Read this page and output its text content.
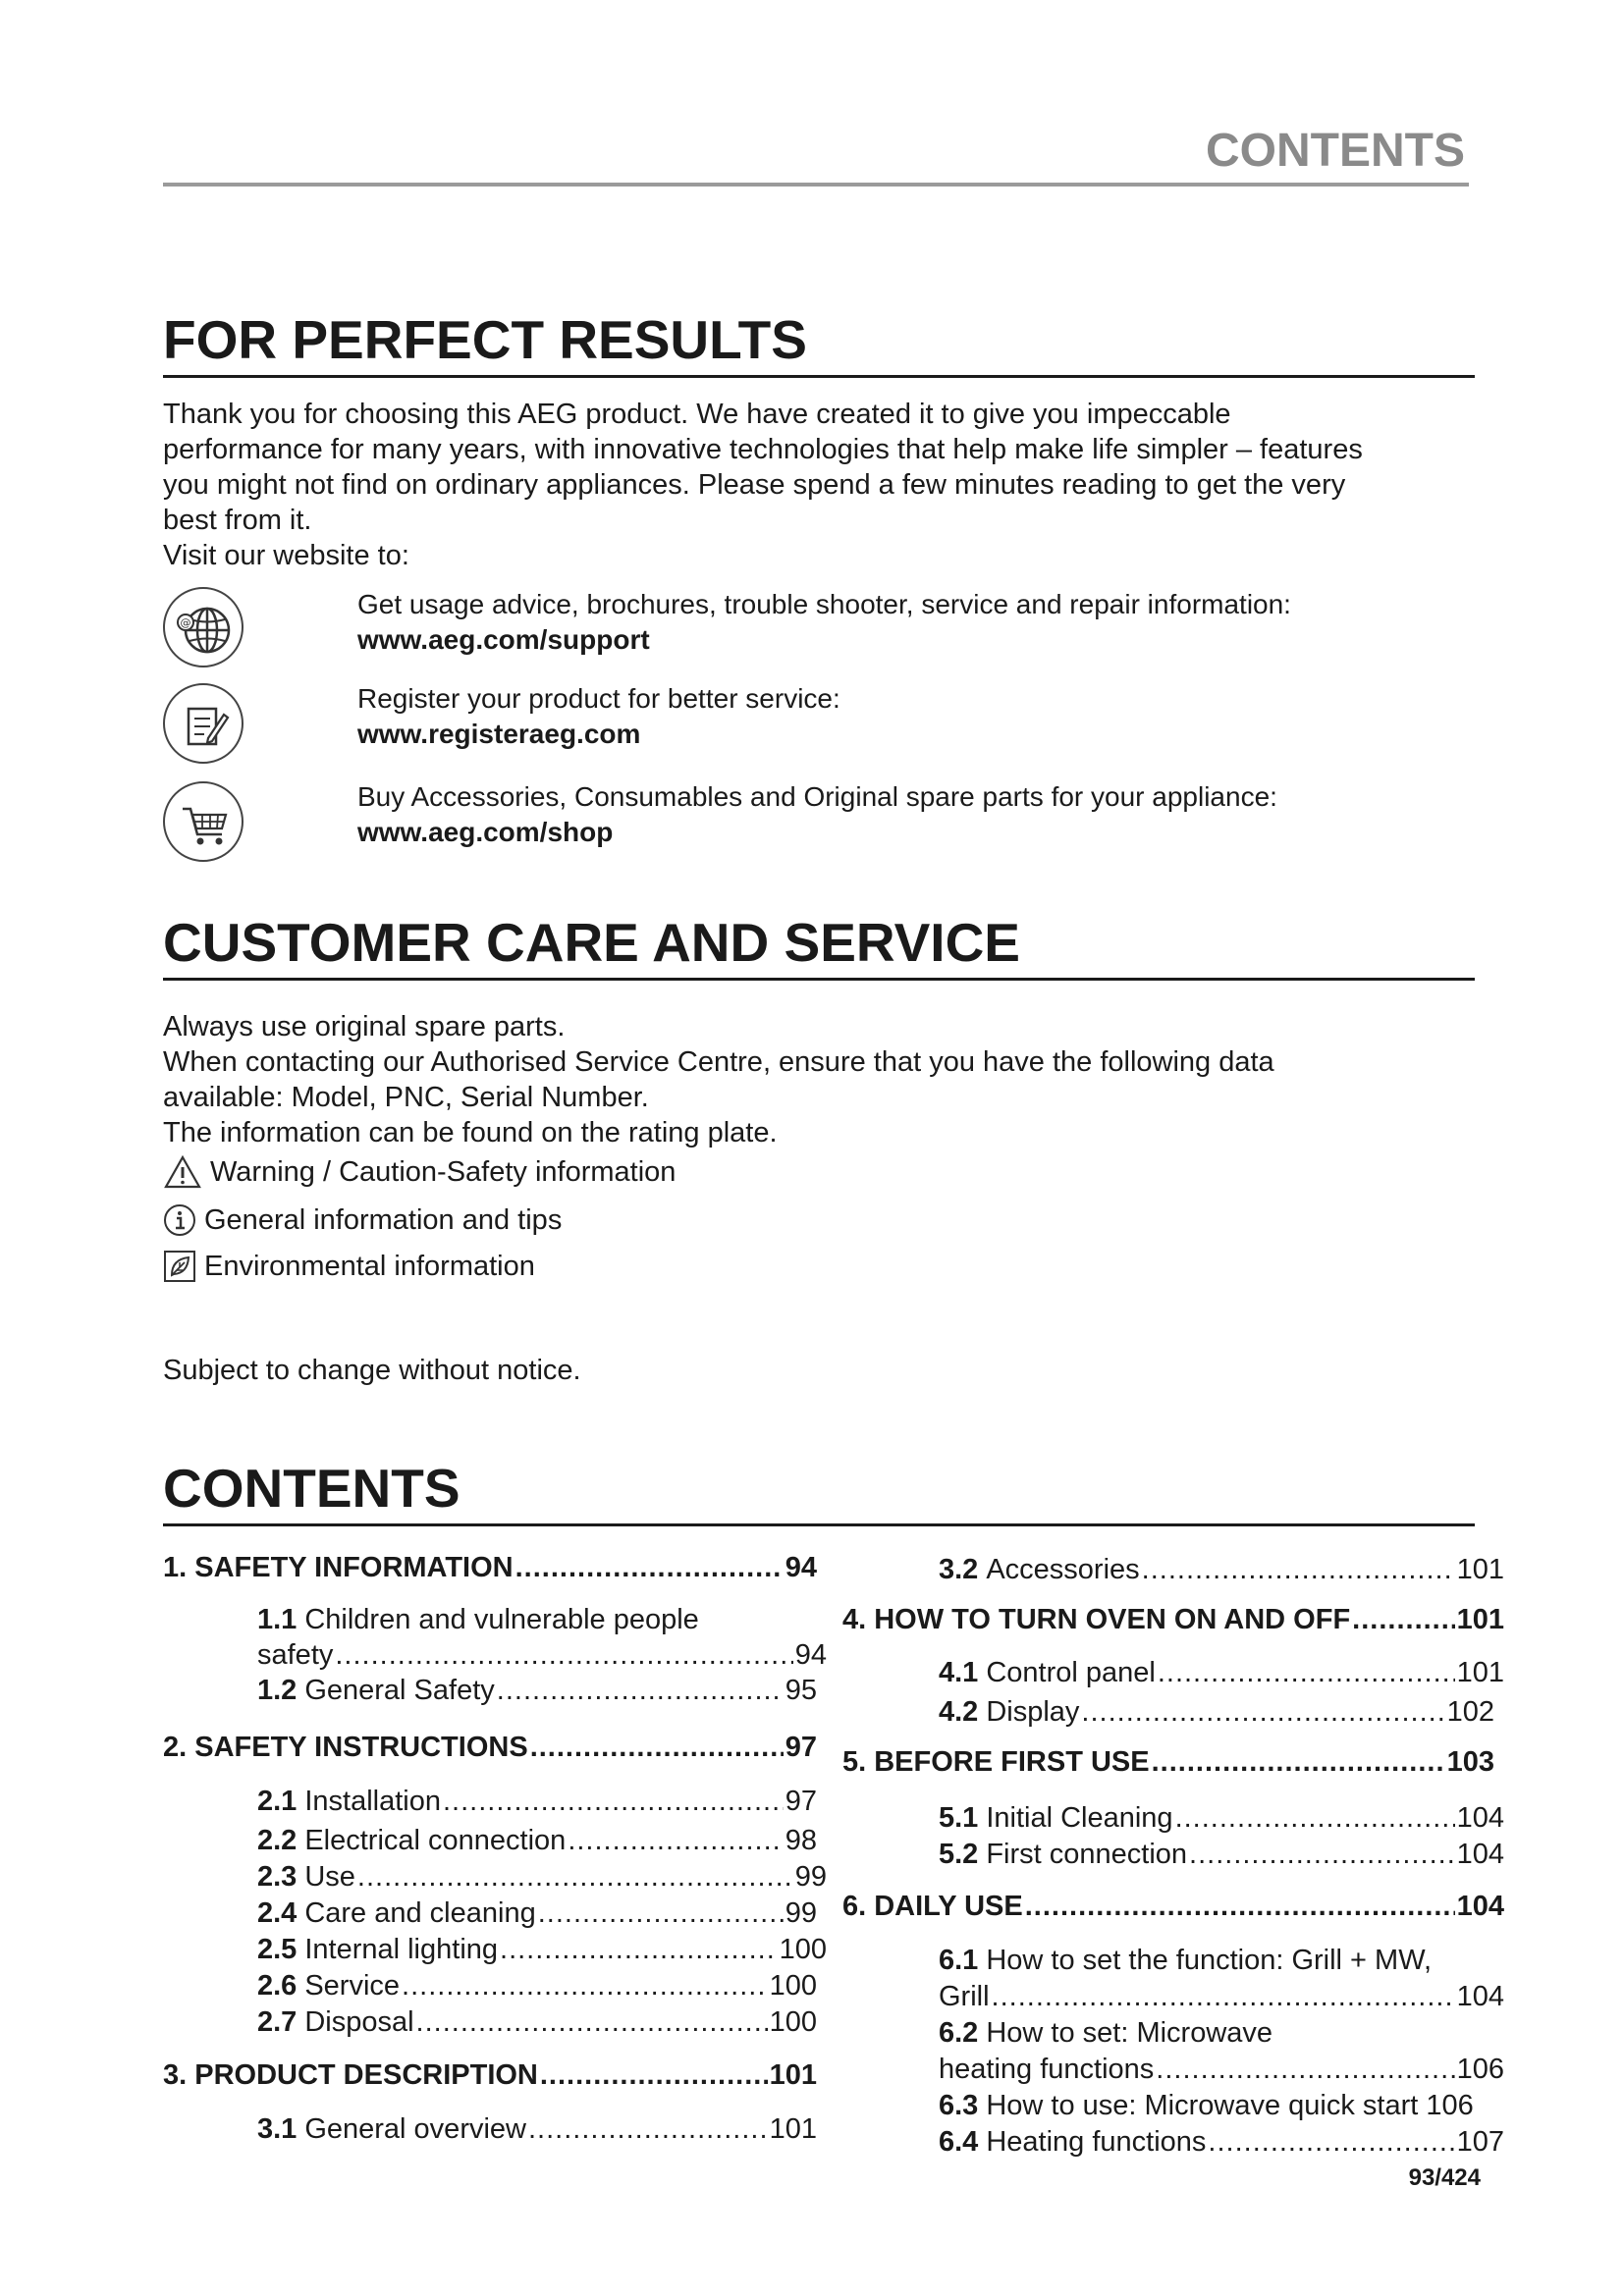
CONTENTS
FOR PERFECT RESULTS

Thank you for choosing this AEG product. We have created it to give you impeccable

performance for many years, with innovative technologies that help make life simpler – features

you might not find on ordinary appliances. Please spend a few minutes reading to get the very

best from it.

Visit our website to:

@
Get usage advice, brochures, trouble shooter, service and repair information:
www.aeg.com/support
Register your product for better service:
www.registeraeg.com
Buy Accessories, Consumables and Original spare parts for your appliance:
www.aeg.com/shop
CUSTOMER CARE AND SERVICE

Always use original spare parts.

When contacting our Authorised Service Centre, ensure that you have the following data

available: Model, PNC, Serial Number.

The information can be found on the rating plate.

Warning / Caution-Safety information
General information and tips
Environmental information
Subject to change without notice.
CONTENTS
1. SAFETY INFORMATION .....	94
1.1 Children and vulnerable people
safety .....	94
1.2 General Safety .....	95
2. SAFETY INSTRUCTIONS .....	97
2.1 Installation .....	97
2.2 Electrical connection .....	98
2.3 Use .....	99
2.4 Care and cleaning .....	99
2.5 Internal lighting .....	100
2.6 Service .....	100
2.7 Disposal .....	100
3. PRODUCT DESCRIPTION .....	101
3.1 General overview .....	101
3.2 Accessories .....	101
4. HOW TO TURN OVEN ON AND OFF .....	101
4.1 Control panel .....	101
4.2 Display .....	102
5. BEFORE FIRST USE .....	103
5.1 Initial Cleaning .....	104
5.2 First connection .....	104
6. DAILY USE .....	104
6.1 How to set the function: Grill + MW,
Grill .....	104
6.2 How to set: Microwave
heating functions .....	106
6.3 How to use: Microwave quick start 106
6.4 Heating functions .....	107
93/424
